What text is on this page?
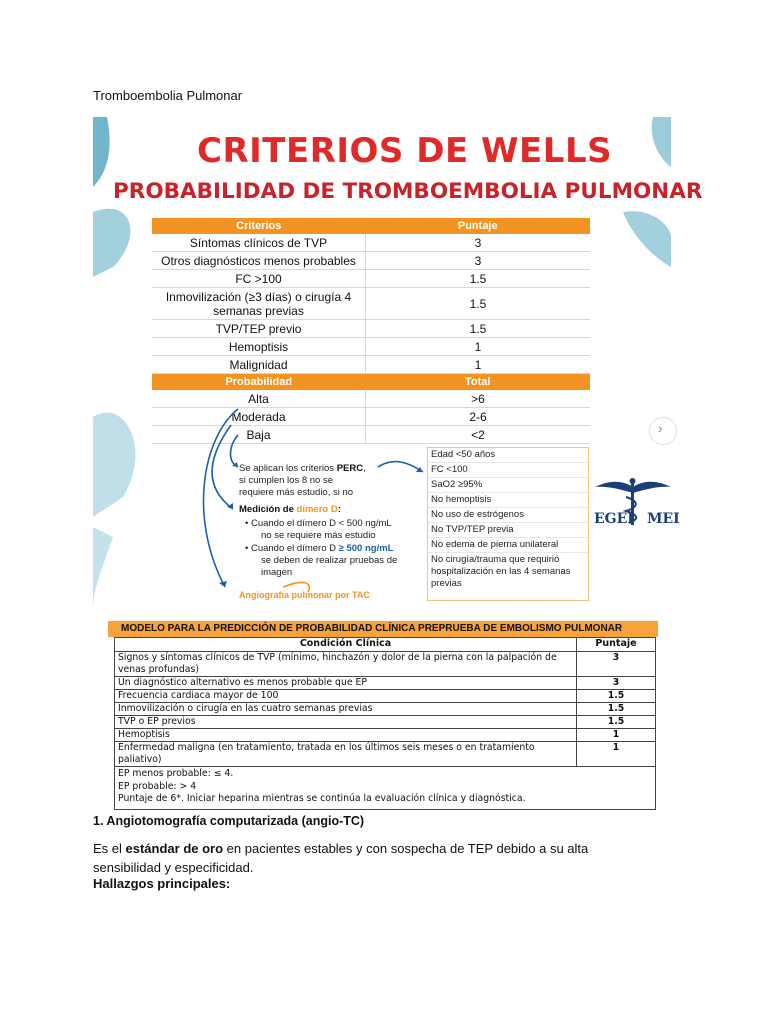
Tromboembolia Pulmonar
CRITERIOS DE WELLS
PROBABILIDAD DE TROMBOEMBOLIA PULMONAR
Criterios	Puntaje
Síntomas clínicos de TVP	3
Otros diagnósticos menos probables	3
FC >100	1.5
Inmovilización (≥3 días) o cirugía 4 semanas previas	1.5
TVP/TEP previo	1.5
Hemoptisis	1
Malignidad	1
Probabilidad	Total
Alta	>6
Moderada	2-6
Baja	<2
Se aplican los criterios PERC,
si cumplen los 8 no se
requiere más estudio, si no
Medición de dímero D:
• Cuando el dímero D < 500 ng/mL
no se requiere más estudio
• Cuando el dímero D ≥ 500 ng/mL
se deben de realizar pruebas de
imagen
Angiografía pulmonar por TAC
Edad <50 años
FC <100
SaO2 ≥95%
No hemoptisis
No uso de estrógenos
No TVP/TEP previa
No edema de pierna unilateral
No cirugía/trauma que requirió hospitalización en las 4 semanas previas
EGEI MEI
›
MODELO PARA LA PREDICCIÓN DE PROBABILIDAD CLÍNICA PREPRUEBA DE EMBOLISMO PULMONAR
Condición Clínica	Puntaje
Signos y síntomas clínicos de TVP (mínimo, hinchazón y dolor de la pierna con la palpación de venas profundas)	3
Un diagnóstico alternativo es menos probable que EP	3
Frecuencia cardiaca mayor de 100	1.5
Inmovilización o cirugía en las cuatro semanas previas	1.5
TVP o EP previos	1.5
Hemoptisis	1
Enfermedad maligna (en tratamiento, tratada en los últimos seis meses o en tratamiento paliativo)	1

EP menos probable: ≤ 4.
EP probable: > 4
Puntaje de 6*. Iniciar heparina mientras se continúa la evaluación clínica y diagnóstica.	
1. Angiotomografía computarizada (angio-TC)
Es el estándar de oro en pacientes estables y con sospecha de TEP debido a su alta sensibilidad y especificidad.
Hallazgos principales:
